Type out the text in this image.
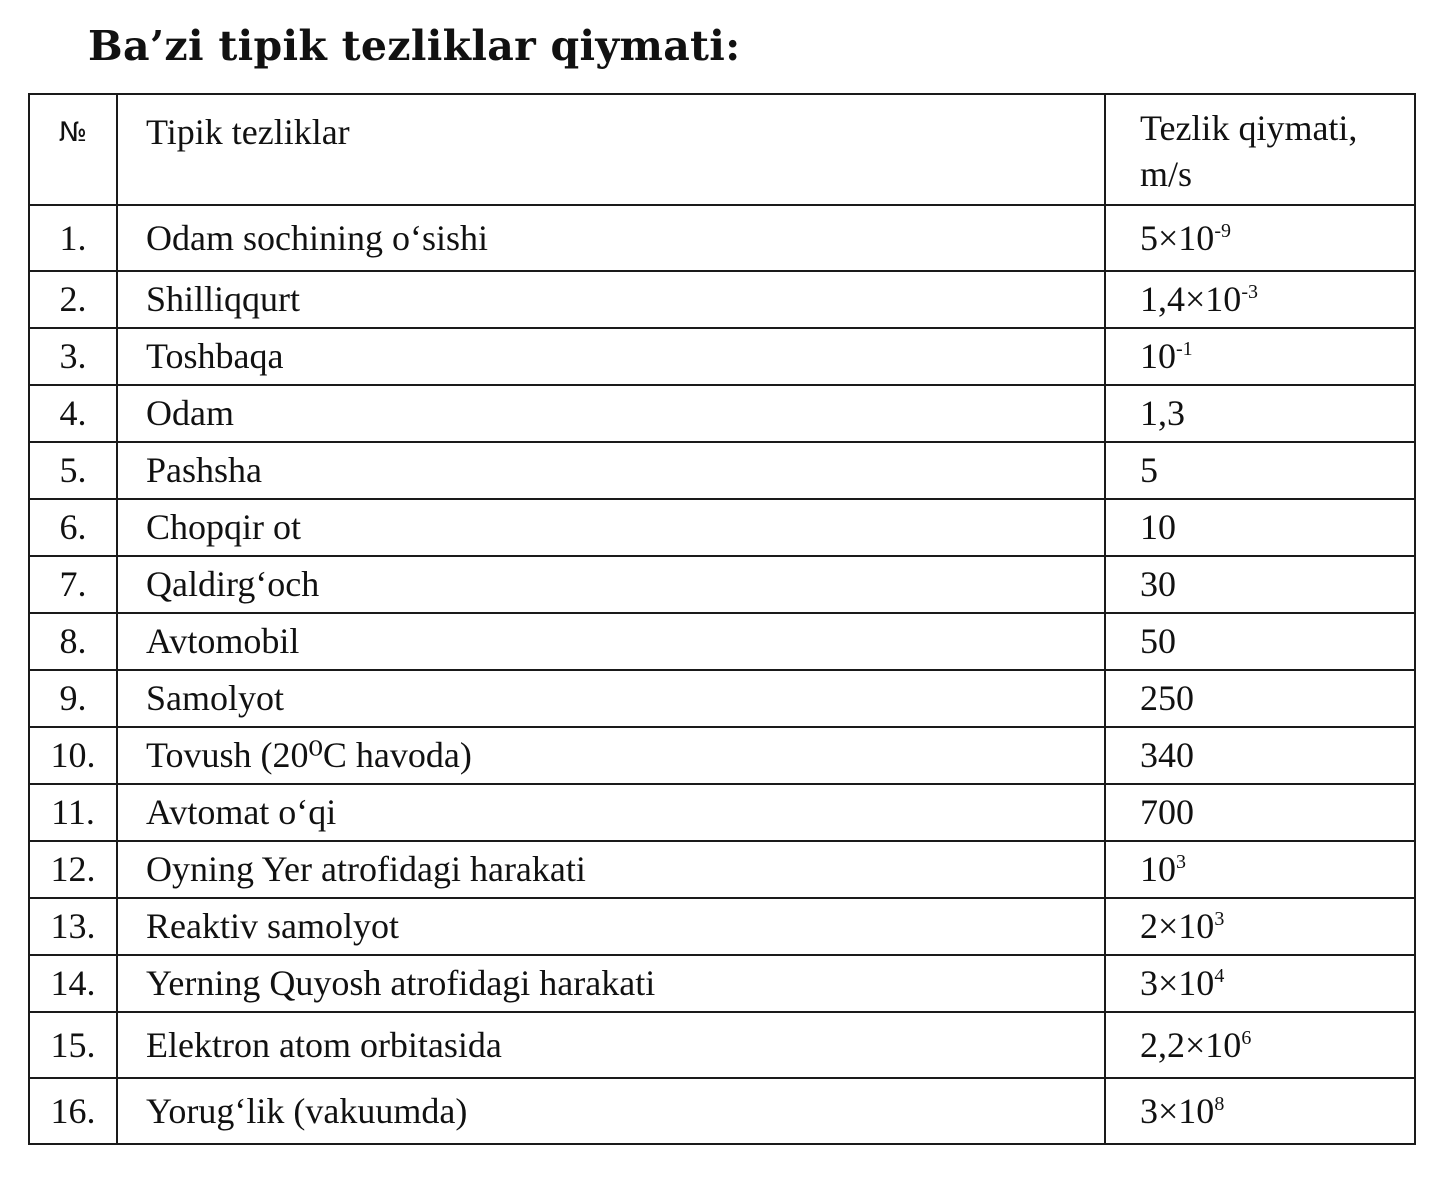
Ba’zi tipik tezliklar qiymati:
№	Tipik tezliklar	Tezlik qiymati,
m/s
1.	Odam sochining o‘sishi	$5\times 10^{-9}$
2.	Shilliqqurt	$1,4\times 10^{-3}$
3.	Toshbaqa	$10^{-1}$
4.	Odam	1,3
5.	Pashsha	5
6.	Chopqir ot	10
7.	Qaldirg‘och	30
8.	Avtomobil	50
9.	Samolyot	250
10.	Tovush (20⁰C havoda)	340
11.	Avtomat o‘qi	700
12.	Oyning Yer atrofidagi harakati	$10^3$
13.	Reaktiv samolyot	$2\times 10^3$
14.	Yerning Quyosh atrofidagi harakati	$3\times 10^4$
15.	Elektron atom orbitasida	$2,2\times 10^6$
16.	Yorug‘lik (vakuumda)	$3\times 10^8$
